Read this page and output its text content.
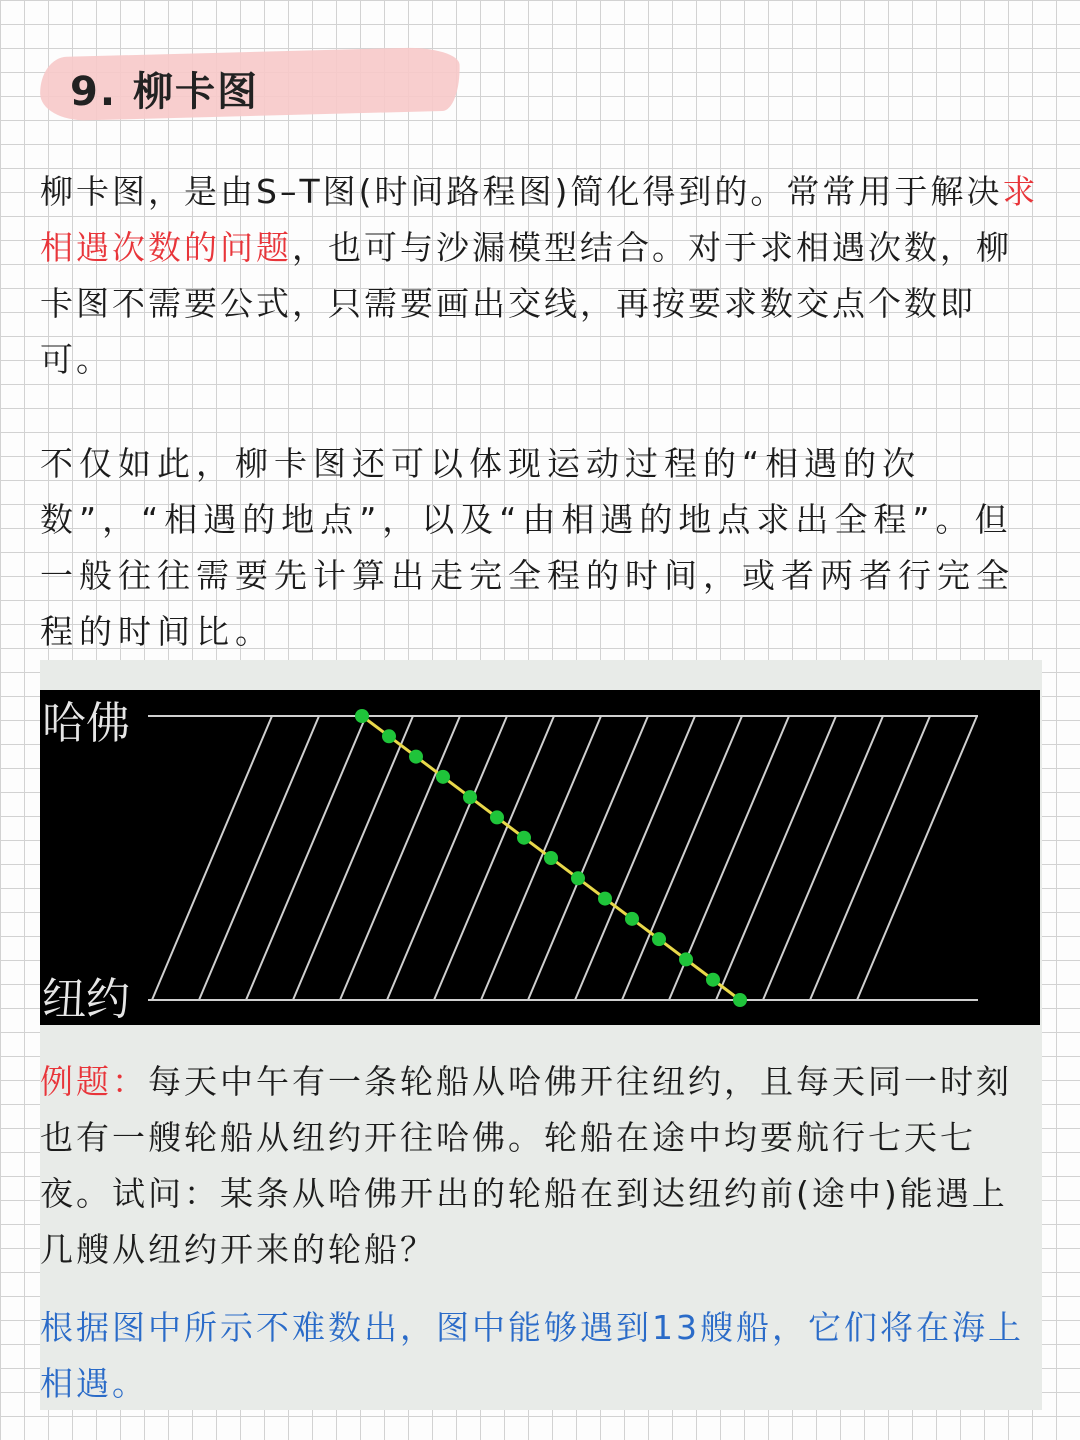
9. 柳卡图
柳卡图，是由S–T图(时间路程图)简化得到的。常常用于解决求相遇次数的问题，也可与沙漏模型结合。对于求相遇次数，柳卡图不需要公式，只需要画出交线，再按要求数交点个数即可。
不仅如此，柳卡图还可以体现运动过程的“相遇的次数”，“相遇的地点”，以及“由相遇的地点求出全程”。但一般往往需要先计算出走完全程的时间，或者两者行完全程的时间比。
哈佛
纽约
例题：每天中午有一条轮船从哈佛开往纽约，且每天同一时刻也有一艘轮船从纽约开往哈佛。轮船在途中均要航行七天七夜。试问：某条从哈佛开出的轮船在到达纽约前(途中)能遇上几艘从纽约开来的轮船？
根据图中所示不难数出，图中能够遇到13艘船，它们将在海上相遇。
